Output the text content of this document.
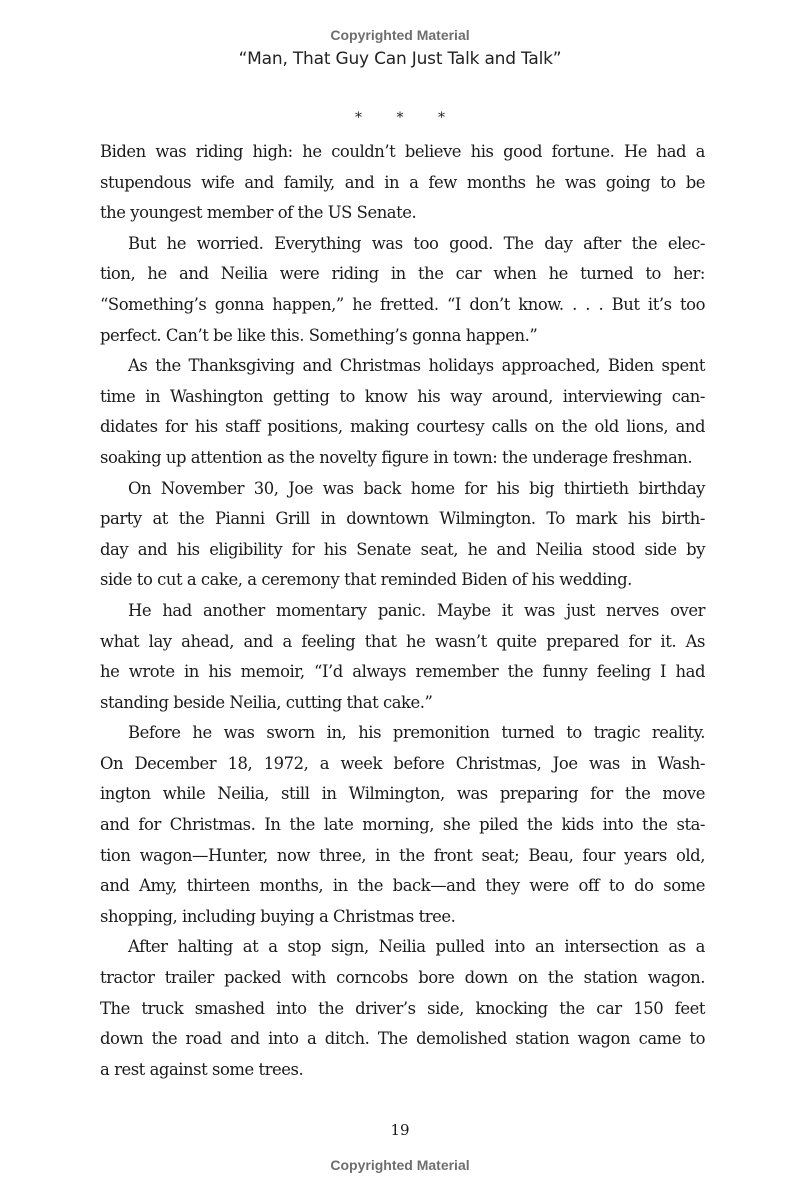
Copyrighted Material
“Man, That Guy Can Just Talk and Talk”
* * *
Biden was riding high: he couldn’t believe his good fortune. He had a
stupendous wife and family, and in a few months he was going to be
the youngest member of the US Senate.
But he worried. Everything was too good. The day after the elec-
tion, he and Neilia were riding in the car when he turned to her:
“Something’s gonna happen,” he fretted. “I don’t know. . . . But it’s too
perfect. Can’t be like this. Something’s gonna happen.”
As the Thanksgiving and Christmas holidays approached, Biden spent
time in Washington getting to know his way around, interviewing can-
didates for his staff positions, making courtesy calls on the old lions, and
soaking up attention as the novelty figure in town: the underage freshman.
On November 30, Joe was back home for his big thirtieth birthday
party at the Pianni Grill in downtown Wilmington. To mark his birth-
day and his eligibility for his Senate seat, he and Neilia stood side by
side to cut a cake, a ceremony that reminded Biden of his wedding.
He had another momentary panic. Maybe it was just nerves over
what lay ahead, and a feeling that he wasn’t quite prepared for it. As
he wrote in his memoir, “I’d always remember the funny feeling I had
standing beside Neilia, cutting that cake.”
Before he was sworn in, his premonition turned to tragic reality.
On December 18, 1972, a week before Christmas, Joe was in Wash-
ington while Neilia, still in Wilmington, was preparing for the move
and for Christmas. In the late morning, she piled the kids into the sta-
tion wagon—Hunter, now three, in the front seat; Beau, four years old,
and Amy, thirteen months, in the back—and they were off to do some
shopping, including buying a Christmas tree.
After halting at a stop sign, Neilia pulled into an intersection as a
tractor trailer packed with corncobs bore down on the station wagon.
The truck smashed into the driver’s side, knocking the car 150 feet
down the road and into a ditch. The demolished station wagon came to
a rest against some trees.
19
Copyrighted Material
